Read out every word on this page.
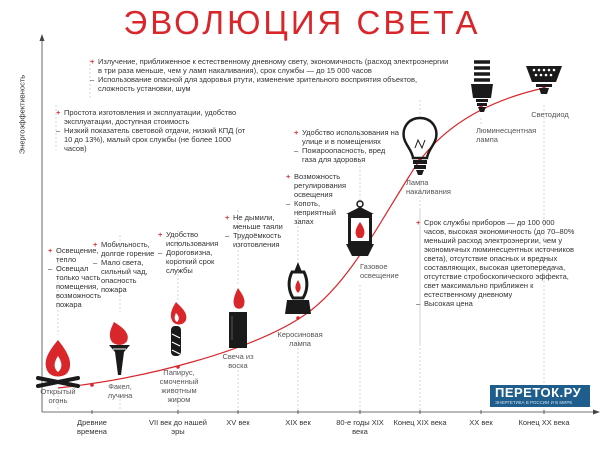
ЭВОЛЮЦИЯ СВЕТА
Энергоэффективность
Древние времена
VII век до нашей эры
XV век	XIX век	80-е годы XIX века
Конец XIX века	XX век	Конец XX века
Открытый огонь
Факел, лучина
Папирус, смоченный животным жиром
Свеча из воска
Керосиновая лампа
Газовое освещение
Лампа накаливания
Люминесцентная лампа
Светодиод
+ Освещение, тепло
– Освещал только часть помещения, возможность пожара
+ Мобильность, долгое горение
– Мало света, сильный чад, опасность пожара
+ Удобство использования
– Дороговизна, короткий срок службы
+ Не дымили, меньше таяли
– Трудоёмкость изготовления
+ Возможность регулирования освещения
– Копоть, неприятный запах
+ Удобство использования на улице и в помещениях
– Пожароопасность, вред газа для здоровья
+ Простота изготовления и эксплуатации, удобство эксплуатации, доступная стоимость
– Низкий показатель световой отдачи, низкий КПД (от 10 до 13%), малый срок службы (не более 1000 часов)
+ Излучение, приближенное к естественному дневному свету, экономичность (расход электроэнергии в три раза меньше, чем у ламп накаливания), срок службы — до 15 000 часов
– Использование опасной для здоровья ртути, изменение зрительного восприятия объектов, сложность установки, шум
+ Срок службы приборов — до 100 000 часов, высокая экономичность (до 70–80% меньший расход электроэнергии, чем у экономичных люминесцентных источников света), отсутствие опасных и вредных составляющих, высокая цветопередача, отсутствие стробоскопического эффекта, свет максимально приближен к естественному дневному
– Высокая цена
ПЕРЕТОК.РУ
ЭНЕРГЕТИКА В РОССИИ И В МИРЕ
